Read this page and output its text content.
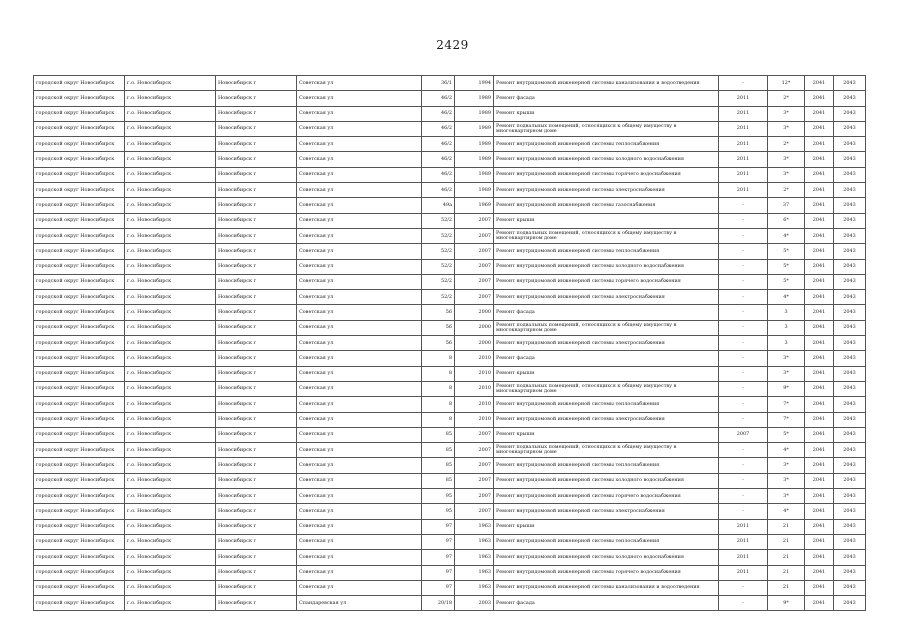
2429
городской округ Новосибирск	г.о. Новосибирск	Новосибирск г	Советская ул	36/1	1994	Ремонт внутридомовой инженерной системы канализования и водоотведения	-	12*	2041	2043
городской округ Новосибирск	г.о. Новосибирск	Новосибирск г	Советская ул	46/2	1989	Ремонт фасада	2011	2*	2041	2043
городской округ Новосибирск	г.о. Новосибирск	Новосибирск г	Советская ул	46/2	1989	Ремонт крыши	2011	3*	2041	2043
городской округ Новосибирск	г.о. Новосибирск	Новосибирск г	Советская ул	46/2	1989	Ремонт подвальных помещений, относящихся к общему имуществу в многоквартирном доме	2011	3*	2041	2043
городской округ Новосибирск	г.о. Новосибирск	Новосибирск г	Советская ул	46/2	1989	Ремонт внутридомовой инженерной системы теплоснабжения	2011	2*	2041	2043
городской округ Новосибирск	г.о. Новосибирск	Новосибирск г	Советская ул	46/2	1989	Ремонт внутридомовой инженерной системы холодного водоснабжения	2011	3*	2041	2043
городской округ Новосибирск	г.о. Новосибирск	Новосибирск г	Советская ул	46/2	1989	Ремонт внутридомовой инженерной системы горячего водоснабжения	2011	3*	2041	2043
городской округ Новосибирск	г.о. Новосибирск	Новосибирск г	Советская ул	46/2	1989	Ремонт внутридомовой инженерной системы электроснабжения	2011	2*	2041	2043
городской округ Новосибирск	г.о. Новосибирск	Новосибирск г	Советская ул	49а	1969	Ремонт внутридомовой инженерной системы газоснабжения	-	37	2041	2043
городской округ Новосибирск	г.о. Новосибирск	Новосибирск г	Советская ул	52/2	2007	Ремонт крыши	-	6*	2041	2043
городской округ Новосибирск	г.о. Новосибирск	Новосибирск г	Советская ул	52/2	2007	Ремонт подвальных помещений, относящихся к общему имуществу в многоквартирном доме	-	4*	2041	2043
городской округ Новосибирск	г.о. Новосибирск	Новосибирск г	Советская ул	52/2	2007	Ремонт внутридомовой инженерной системы теплоснабжения	-	5*	2041	2043
городской округ Новосибирск	г.о. Новосибирск	Новосибирск г	Советская ул	52/2	2007	Ремонт внутридомовой инженерной системы холодного водоснабжения	-	5*	2041	2043
городской округ Новосибирск	г.о. Новосибирск	Новосибирск г	Советская ул	52/2	2007	Ремонт внутридомовой инженерной системы горячего водоснабжения	-	5*	2041	2043
городской округ Новосибирск	г.о. Новосибирск	Новосибирск г	Советская ул	52/2	2007	Ремонт внутридомовой инженерной системы электроснабжения	-	4*	2041	2043
городской округ Новосибирск	г.о. Новосибирск	Новосибирск г	Советская ул	56	2000	Ремонт фасада	-	3	2041	2043
городской округ Новосибирск	г.о. Новосибирск	Новосибирск г	Советская ул	56	2000	Ремонт подвальных помещений, относящихся к общему имуществу в многоквартирном доме	-	3	2041	2043
городской округ Новосибирск	г.о. Новосибирск	Новосибирск г	Советская ул	56	2000	Ремонт внутридомовой инженерной системы электроснабжения	-	3	2041	2043
городской округ Новосибирск	г.о. Новосибирск	Новосибирск г	Советская ул	8	2010	Ремонт фасада	-	3*	2041	2043
городской округ Новосибирск	г.о. Новосибирск	Новосибирск г	Советская ул	8	2010	Ремонт крыши	-	3*	2041	2043
городской округ Новосибирск	г.о. Новосибирск	Новосибирск г	Советская ул	8	2010	Ремонт подвальных помещений, относящихся к общему имуществу в многоквартирном доме	-	9*	2041	2043
городской округ Новосибирск	г.о. Новосибирск	Новосибирск г	Советская ул	8	2010	Ремонт внутридомовой инженерной системы теплоснабжения	-	7*	2041	2043
городской округ Новосибирск	г.о. Новосибирск	Новосибирск г	Советская ул	8	2010	Ремонт внутридомовой инженерной системы электроснабжения	-	7*	2041	2043
городской округ Новосибирск	г.о. Новосибирск	Новосибирск г	Советская ул	85	2007	Ремонт крыши	2007	5*	2041	2043
городской округ Новосибирск	г.о. Новосибирск	Новосибирск г	Советская ул	85	2007	Ремонт подвальных помещений, относящихся к общему имуществу в многоквартирном доме	-	4*	2041	2043
городской округ Новосибирск	г.о. Новосибирск	Новосибирск г	Советская ул	85	2007	Ремонт внутридомовой инженерной системы теплоснабжения	-	3*	2041	2043
городской округ Новосибирск	г.о. Новосибирск	Новосибирск г	Советская ул	85	2007	Ремонт внутридомовой инженерной системы холодного водоснабжения	-	3*	2041	2043
городской округ Новосибирск	г.о. Новосибирск	Новосибирск г	Советская ул	95	2007	Ремонт внутридомовой инженерной системы горячего водоснабжения	-	3*	2041	2043
городской округ Новосибирск	г.о. Новосибирск	Новосибирск г	Советская ул	95	2007	Ремонт внутридомовой инженерной системы электроснабжения	-	4*	2041	2043
городской округ Новосибирск	г.о. Новосибирск	Новосибирск г	Советская ул	97	1963	Ремонт крыши	2011	21	2041	2043
городской округ Новосибирск	г.о. Новосибирск	Новосибирск г	Советская ул	97	1963	Ремонт внутридомовой инженерной системы теплоснабжения	2011	21	2041	2043
городской округ Новосибирск	г.о. Новосибирск	Новосибирск г	Советская ул	97	1963	Ремонт внутридомовой инженерной системы холодного водоснабжения	2011	21	2041	2043
городской округ Новосибирск	г.о. Новосибирск	Новосибирск г	Советская ул	97	1963	Ремонт внутридомовой инженерной системы горячего водоснабжения	2011	21	2041	2043
городской округ Новосибирск	г.о. Новосибирск	Новосибирск г	Советская ул	97	1963	Ремонт внутридомовой инженерной системы канализования и водоотведения	-	21	2041	2043
городской округ Новосибирск	г.о. Новосибирск	Новосибирск г	Спандаревская ул	20/18	2003	Ремонт фасада	-	9*	2041	2043
